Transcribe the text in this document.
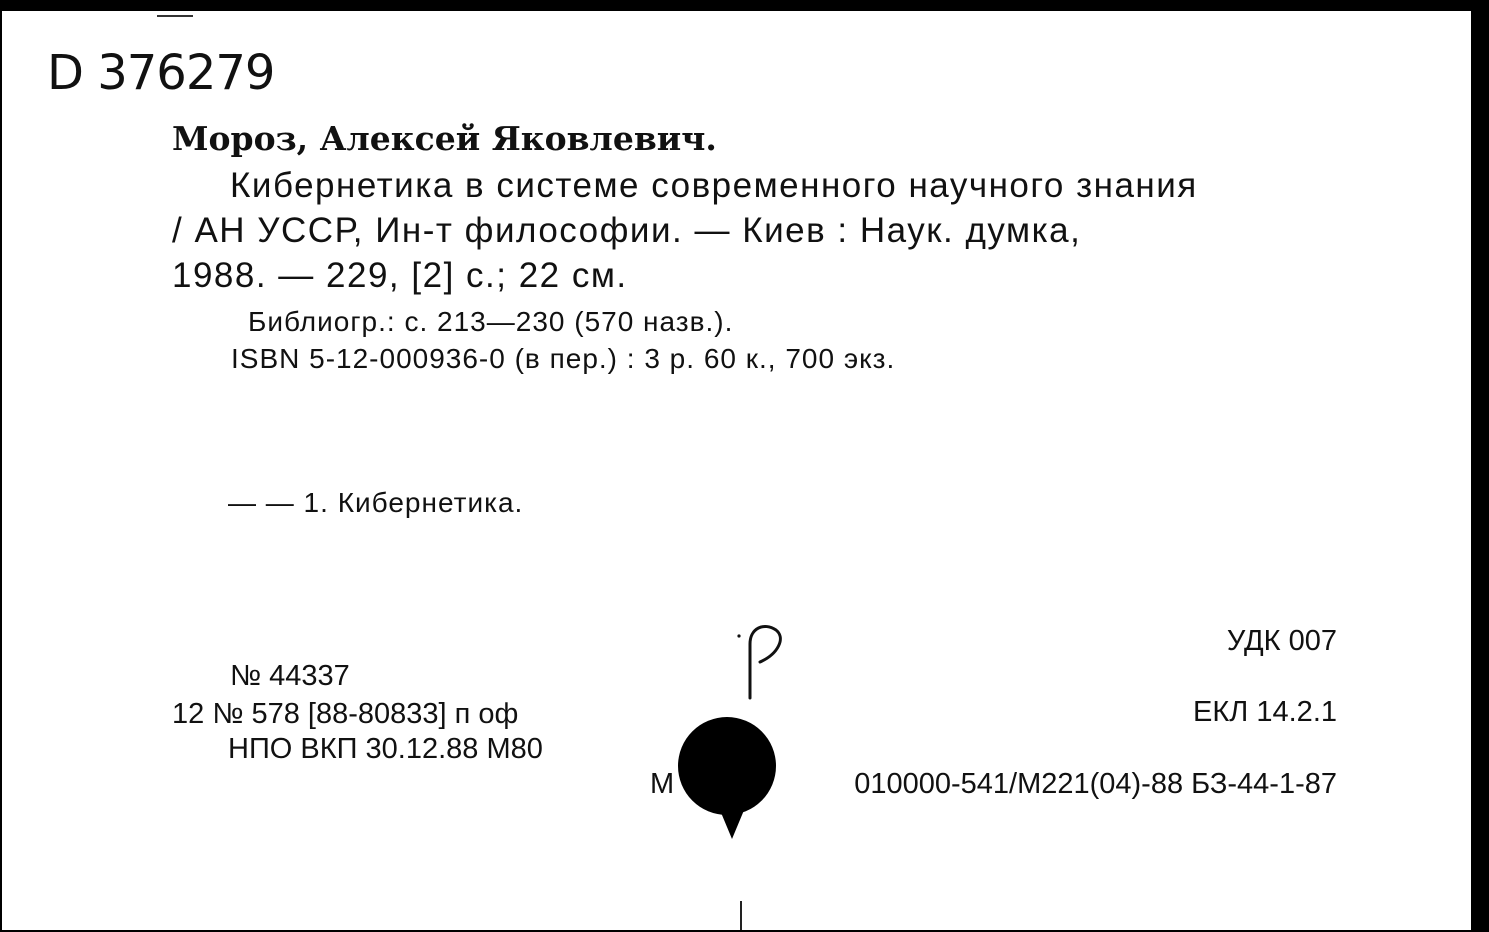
D 376279

Мороз, Алексей Яковлевич.

Кибернетика в системе современного научного знания

/ АН УССР, Ин-т философии. — Киев : Наук. думка,

1988. — 229, [2] с.; 22 см.

Библиогр.: с. 213—230 (570 назв.).

ISBN 5-12-000936-0 (в пер.) : 3 р. 60 к., 700 экз.

— — 1. Кибернетика.

№ 44337

12 № 578 [88-80833] п оф

НПО ВКП 30.12.88 М80

УДК 007

ЕКЛ 14.2.1

М	010000-541/М221(04)-88 БЗ-44-1-87
